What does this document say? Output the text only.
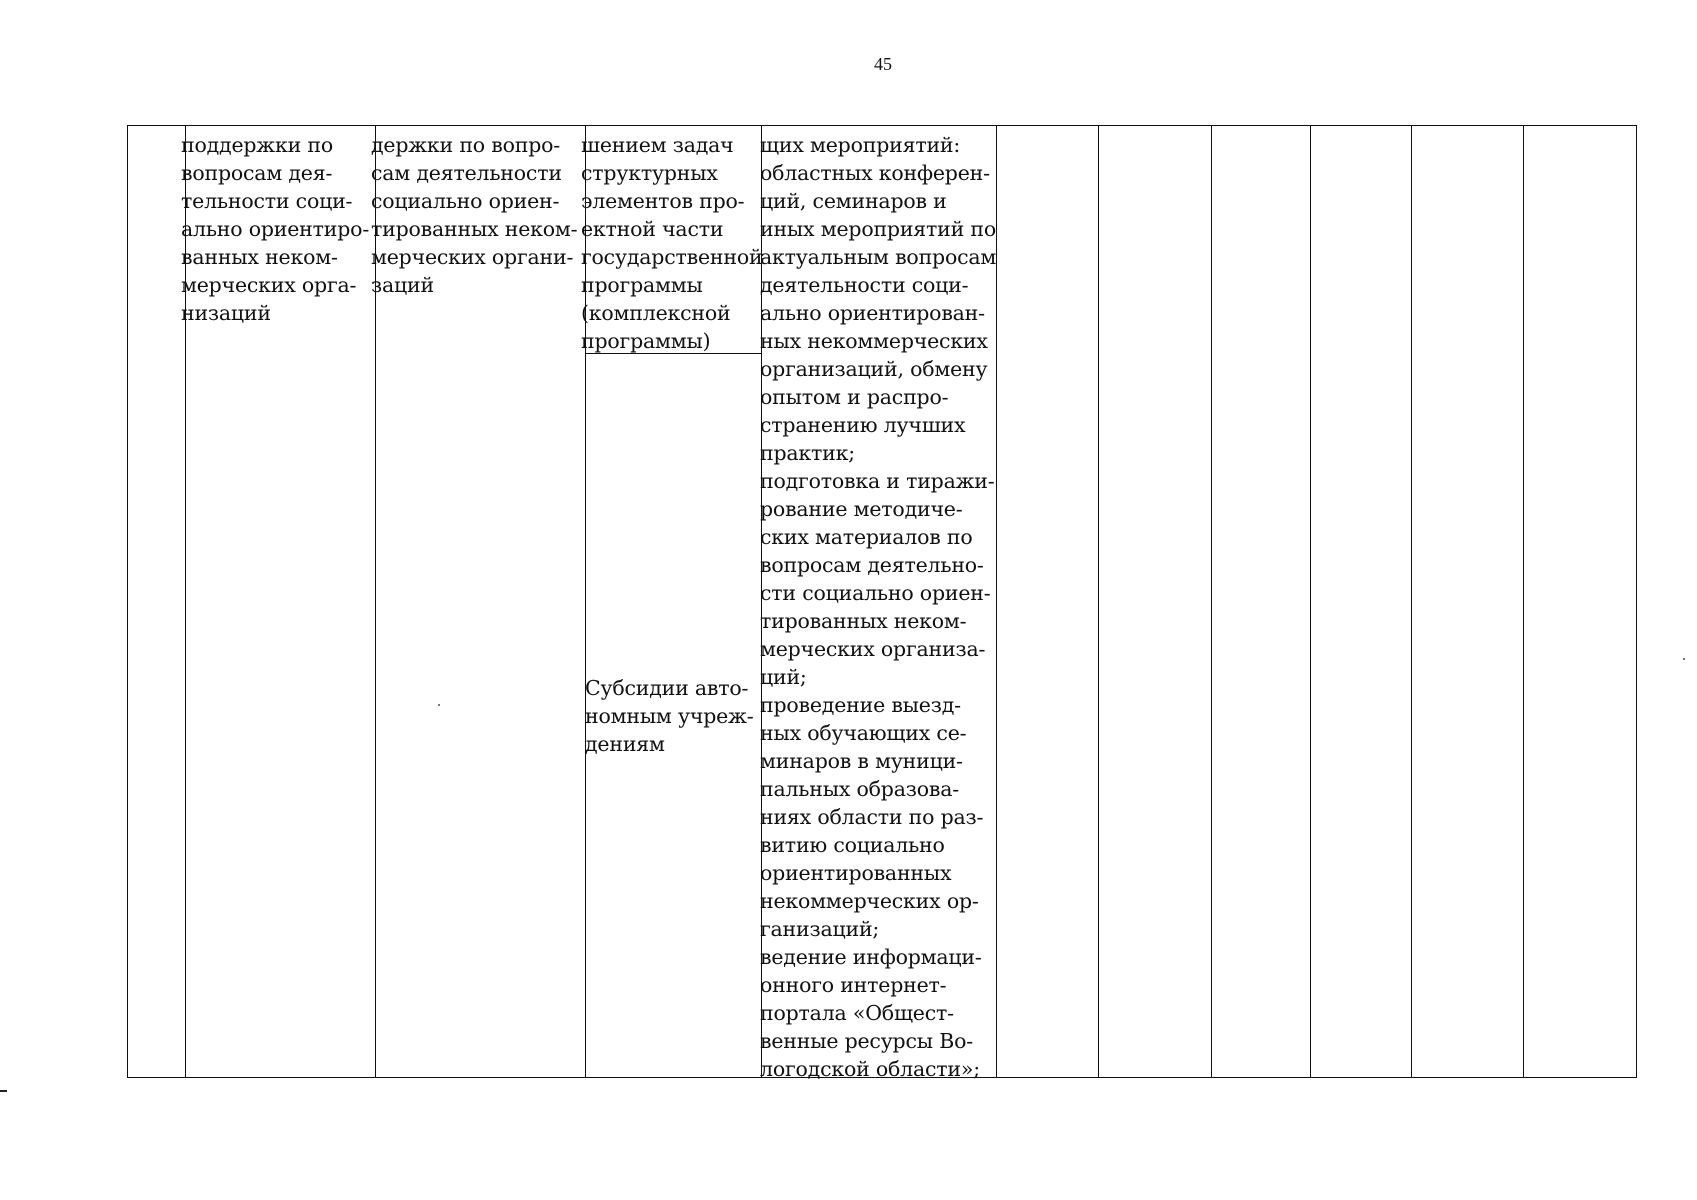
45
поддержки по
вопросам дея-
тельности соци-
ально ориентиро-
ванных неком-
мерческих орга-
низаций
держки по вопро-
сам деятельности
социально ориен-
тированных неком-
мерческих органи-
заций
шением задач
структурных
элементов про-
ектной части
государственной
программы
(комплексной
программы)
Субсидии авто-
номным учреж-
дениям
щих мероприятий:
областных конферен-
ций, семинаров и
иных мероприятий по
актуальным вопросам
деятельности соци-
ально ориентирован-
ных некоммерческих
организаций, обмену
опытом и распро-
странению лучших
практик;
подготовка и тиражи-
рование методиче-
ских материалов по
вопросам деятельно-
сти социально ориен-
тированных неком-
мерческих организа-
ций;
проведение выезд-
ных обучающих се-
минаров в муници-
пальных образова-
ниях области по раз-
витию социально
ориентированных
некоммерческих ор-
ганизаций;
ведение информаци-
онного интернет-
портала «Общест-
венные ресурсы Во-
логодской области»;
